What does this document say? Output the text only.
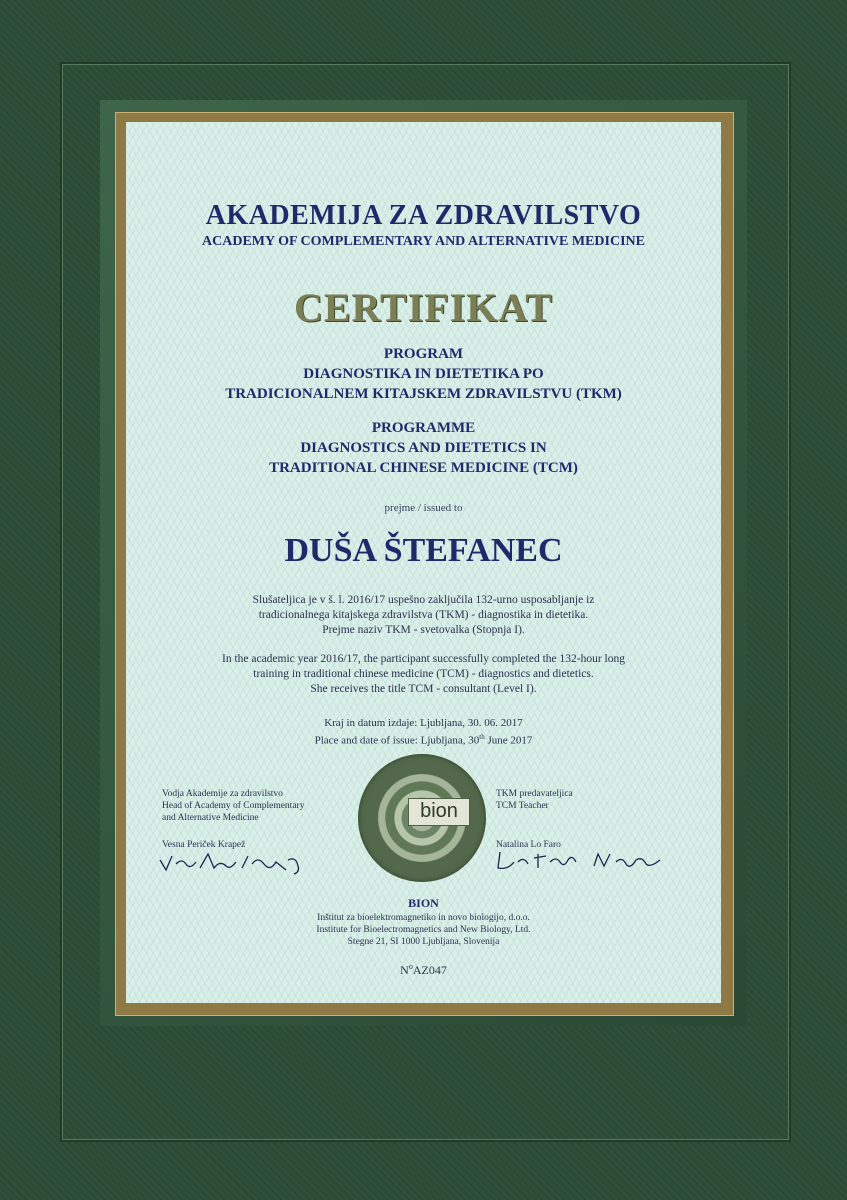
AKADEMIJA ZA ZDRAVILSTVO
ACADEMY OF COMPLEMENTARY AND ALTERNATIVE MEDICINE
CERTIFIKAT
PROGRAM
DIAGNOSTIKA IN DIETETIKA PO
TRADICIONALNEM KITAJSKEM ZDRAVILSTVU (TKM)
PROGRAMME
DIAGNOSTICS AND DIETETICS IN
TRADITIONAL CHINESE MEDICINE (TCM)
prejme / issued to
DUŠA ŠTEFANEC
Slušateljica je v š. l. 2016/17 uspešno zaključila 132-urno usposabljanje iz
tradicionalnega kitajskega zdravilstva (TKM) - diagnostika in dietetika.
Prejme naziv TKM - svetovalka (Stopnja I).
In the academic year 2016/17, the participant successfully completed the 132-hour long
training in traditional chinese medicine (TCM) - diagnostics and dietetics.
She receives the title TCM - consultant (Level I).
Kraj in datum izdaje: Ljubljana, 30. 06. 2017
Place and date of issue: Ljubljana, 30th June 2017
Vodja Akademije za zdravilstvo
Head of Academy of Complementary
and Alternative Medicine
Vesna Periček Krapež
TKM predavateljica
TCM Teacher
Natalina Lo Faro
bion
BION
Inštitut za bioelektromagnetiko in novo biologijo, d.o.o.
Institute for Bioelectromagnetics and New Biology, Ltd.
Stegne 21, SI 1000 Ljubljana, Slovenija
$N^oAZ047$
